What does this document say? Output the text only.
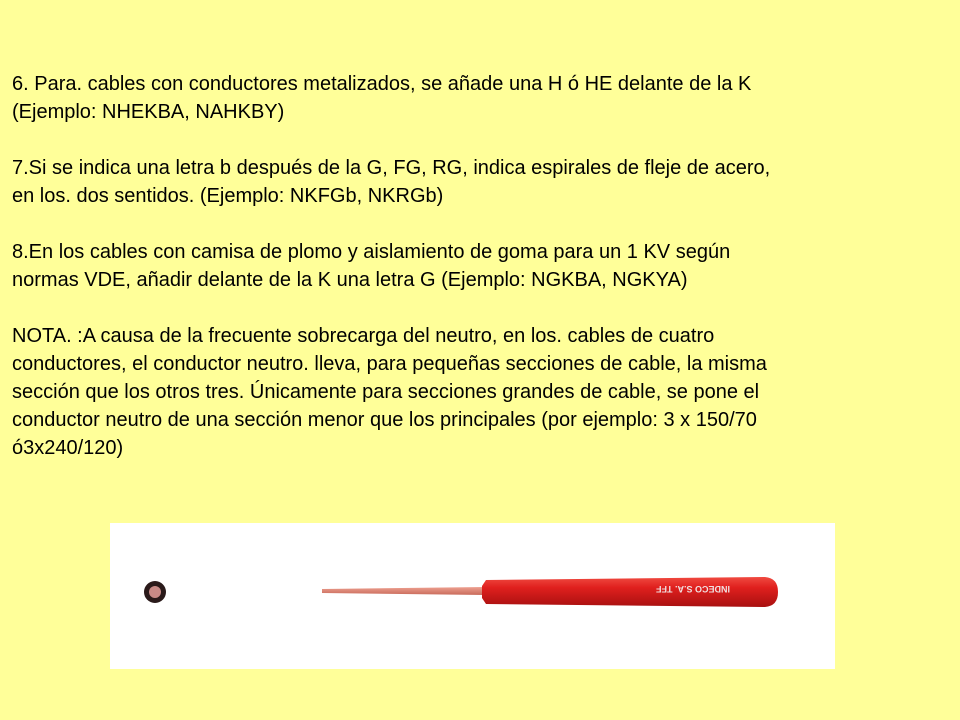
6. Para. cables con conductores metalizados, se añade una H ó HE delante de la K
(Ejemplo: NHEKBA, NAHKBY)

7.Si se indica una letra b después de la G, FG, RG, indica espirales de fleje de acero,
en los. dos sentidos. (Ejemplo: NKFGb, NKRGb)

8.En los cables con camisa de plomo y aislamiento de goma para un 1 KV según
normas VDE, añadir delante de la K una letra G (Ejemplo: NGKBA, NGKYA)

NOTA. :A causa de la frecuente sobrecarga del neutro, en los. cables de cuatro
conductores, el conductor neutro. lleva, para pequeñas secciones de cable, la misma
sección que los otros tres. Únicamente para secciones grandes de cable, se pone el
conductor neutro de una sección menor que los principales (por ejemplo: 3 x 150/70
ó3x240/120)

INDECO S.A. TFF
